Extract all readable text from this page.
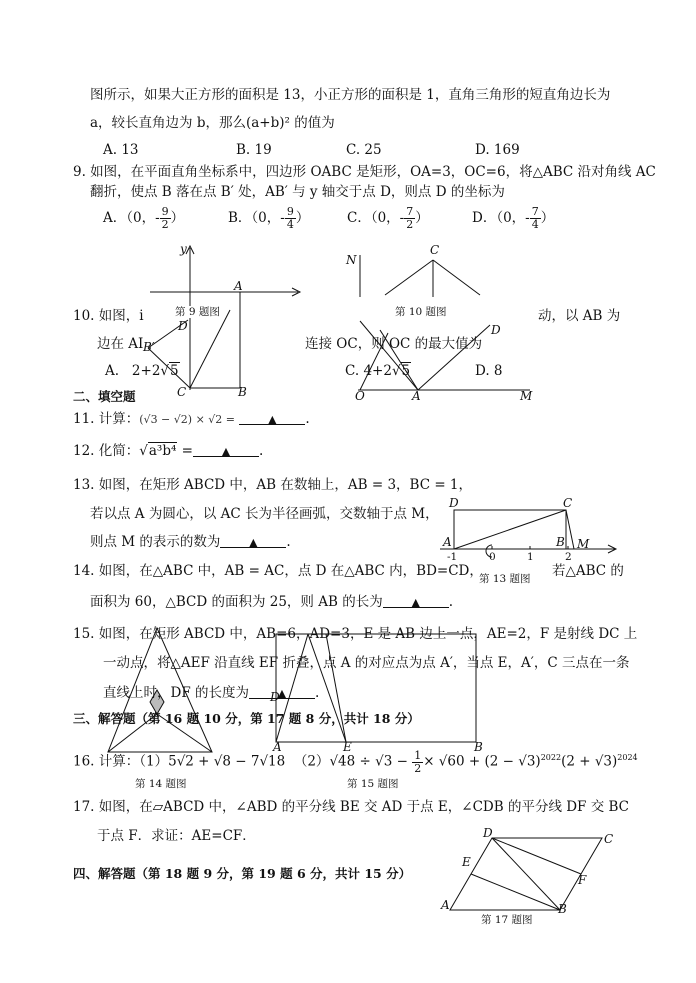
图所示，如果大正方形的面积是 13，小正方形的面积是 1，直角三角形的短直角边长为
a，较长直角边为 b，那么(a+b)² 的值为
A. 13	B. 19	C. 25	D. 169
9. 如图，在平面直角坐标系中，四边形 OABC 是矩形，OA=3，OC=6，将△ABC 沿对角线 AC
翻折，使点 B 落在点 B′ 处，AB′ 与 y 轴交于点 D，则点 D 的坐标为
A．（0，- $\frac{9}{2}$ ）	B．（0，- $\frac{9}{4}$ ）	C．（0，- $\frac{7}{2}$ ）	D．（0，- $\frac{7}{4}$ ）
y
A
D
B′
C	B
N
C
D
O	A	M
第 9 题图	第 10 题图
10. 如图，i	动，以 AB 为
边在 AI	连接 OC，则 OC 的最大值为
A. 2+2√5	C. 4+2√5	D. 8
二、填空题
11. 计算：(√3 − √2) × √2 =	▲ .
12. 化简：√a³b⁴ =	▲ .
13. 如图，在矩形 ABCD 中，AB 在数轴上，AB = 3，BC = 1，
若以点 A 为圆心，以 AC 长为半径画弧，交数轴于点 M，
则点 M 的表示的数为	▲ .
D	C
A	B M
-1	0	1	2
第 13 题图
14. 如图，在△ABC 中，AB = AC，点 D 在△ABC 内，BD=CD，	若△ABC 的
面积为 60，△BCD 的面积为 25，则 AB 的长为	▲ .
A	E	B
D
15. 如图，在矩形 ABCD 中，AB=6，AD=3，E 是 AB 边上一点，AE=2，F 是射线 DC 上
一动点，将△AEF 沿直线 EF 折叠，点 A 的对应点为点 A′，当点 E，A′，C 三点在一条
直线上时，DF 的长度为	▲ .
三、解答题（第 16 题 10 分，第 17 题 8 分，共计 18 分）
16. 计算：（1）5√2 + √8 − 7√18 $(2)√48 \div √3 - \frac{1}{2} \times √60 + (2 - √3)^{2022}(2 + √3)^{2024}$
第 14 题图	第 15 题图
17. 如图，在▱ABCD 中，∠ABD 的平分线 BE 交 AD 于点 E，∠CDB 的平分线 DF 交 BC
于点 F．求证：AE=CF．	D	C
E
F
A	B
第 17 题图
四、解答题（第 18 题 9 分，第 19 题 6 分，共计 15 分）
